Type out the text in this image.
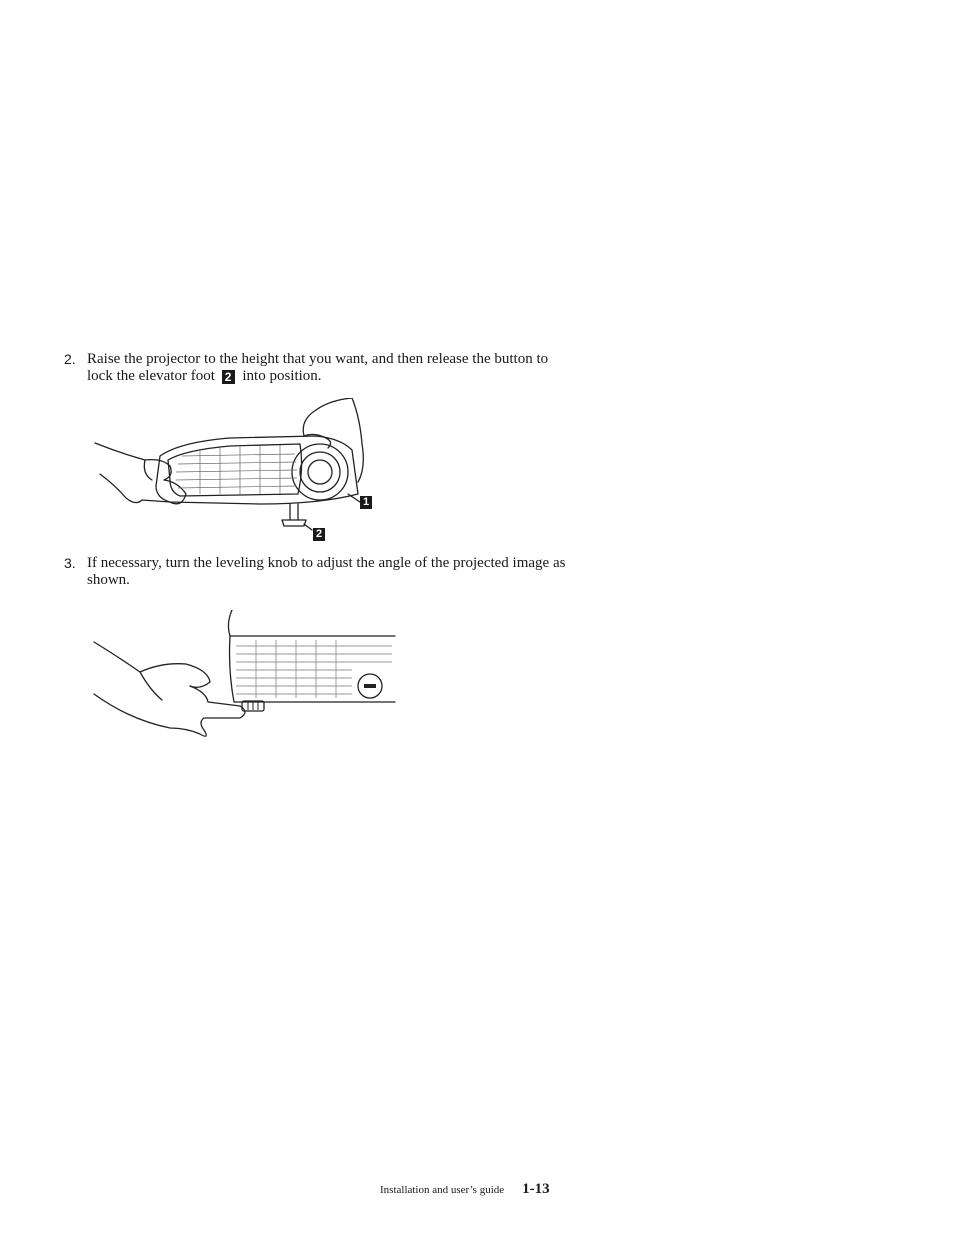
2. Raise the projector to the height that you want, and then release the button to lock the elevator foot 2 into position.
1
2
3. If necessary, turn the leveling knob to adjust the angle of the projected image as shown.
Installation and user’s guide 1-13
